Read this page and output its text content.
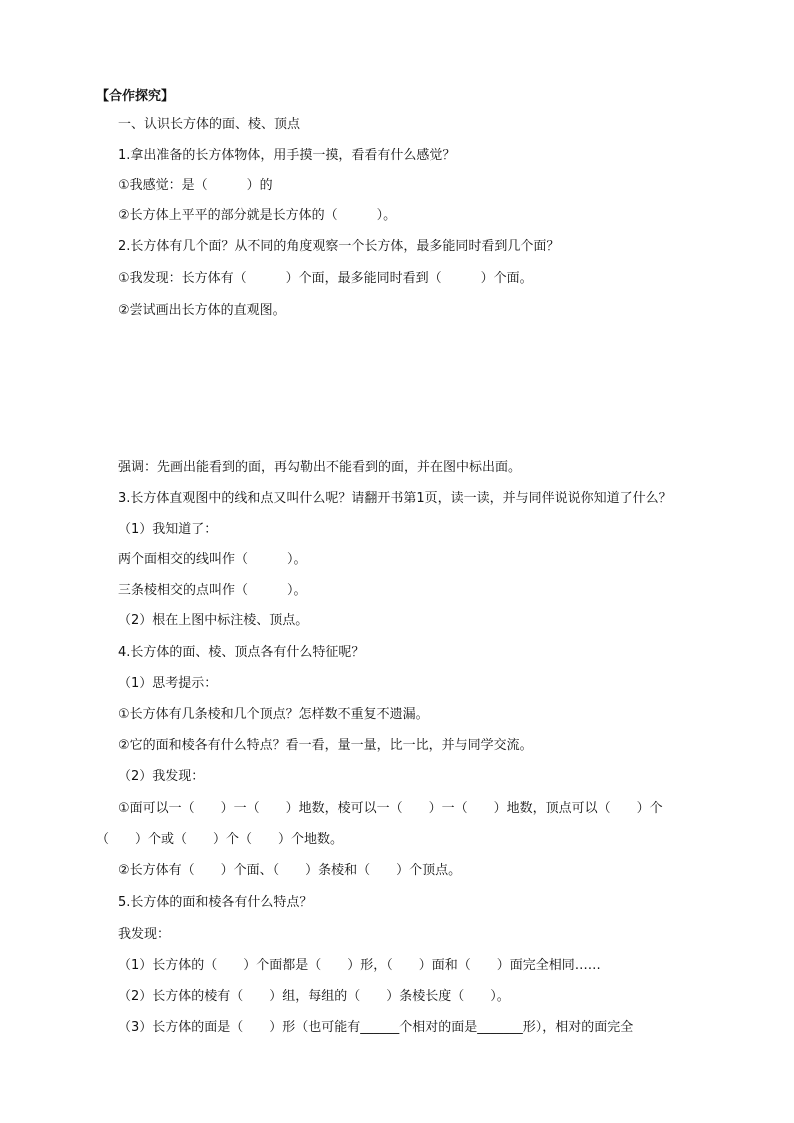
【合作探究】
一、认识长方体的面、棱、顶点
1.拿出准备的长方体物体，用手摸一摸，看看有什么感觉？
①我感觉：是（　　　）的
②长方体上平平的部分就是长方体的（　　　）。
2.长方体有几个面？从不同的角度观察一个长方体，最多能同时看到几个面？
①我发现：长方体有（　　　）个面，最多能同时看到（　　　）个面。
②尝试画出长方体的直观图。
强调：先画出能看到的面，再勾勒出不能看到的面，并在图中标出面。
3.长方体直观图中的线和点又叫什么呢？请翻开书第1页，读一读，并与同伴说说你知道了什么？
（1）我知道了：
两个面相交的线叫作（　　　）。
三条棱相交的点叫作（　　　）。
（2）根在上图中标注棱、顶点。
4.长方体的面、棱、顶点各有什么特征呢？
（1）思考提示：
①长方体有几条棱和几个顶点？怎样数不重复不遗漏。
②它的面和棱各有什么特点？看一看，量一量，比一比，并与同学交流。
（2）我发现：
①面可以一（　　）一（　　）地数，棱可以一（　　）一（　　）地数，顶点可以（　　）个
（　　）个或（　　）个（　　）个地数。
②长方体有（　　）个面、（　　）条棱和（　　）个顶点。
5.长方体的面和棱各有什么特点？
我发现：
（1）长方体的（　　）个面都是（　　）形，（　　）面和（　　）面完全相同……
（2）长方体的棱有（　　）组，每组的（　　）条棱长度（　　）。
（3）长方体的面是（　　）形（也可能有______个相对的面是_______形），相对的面完全
